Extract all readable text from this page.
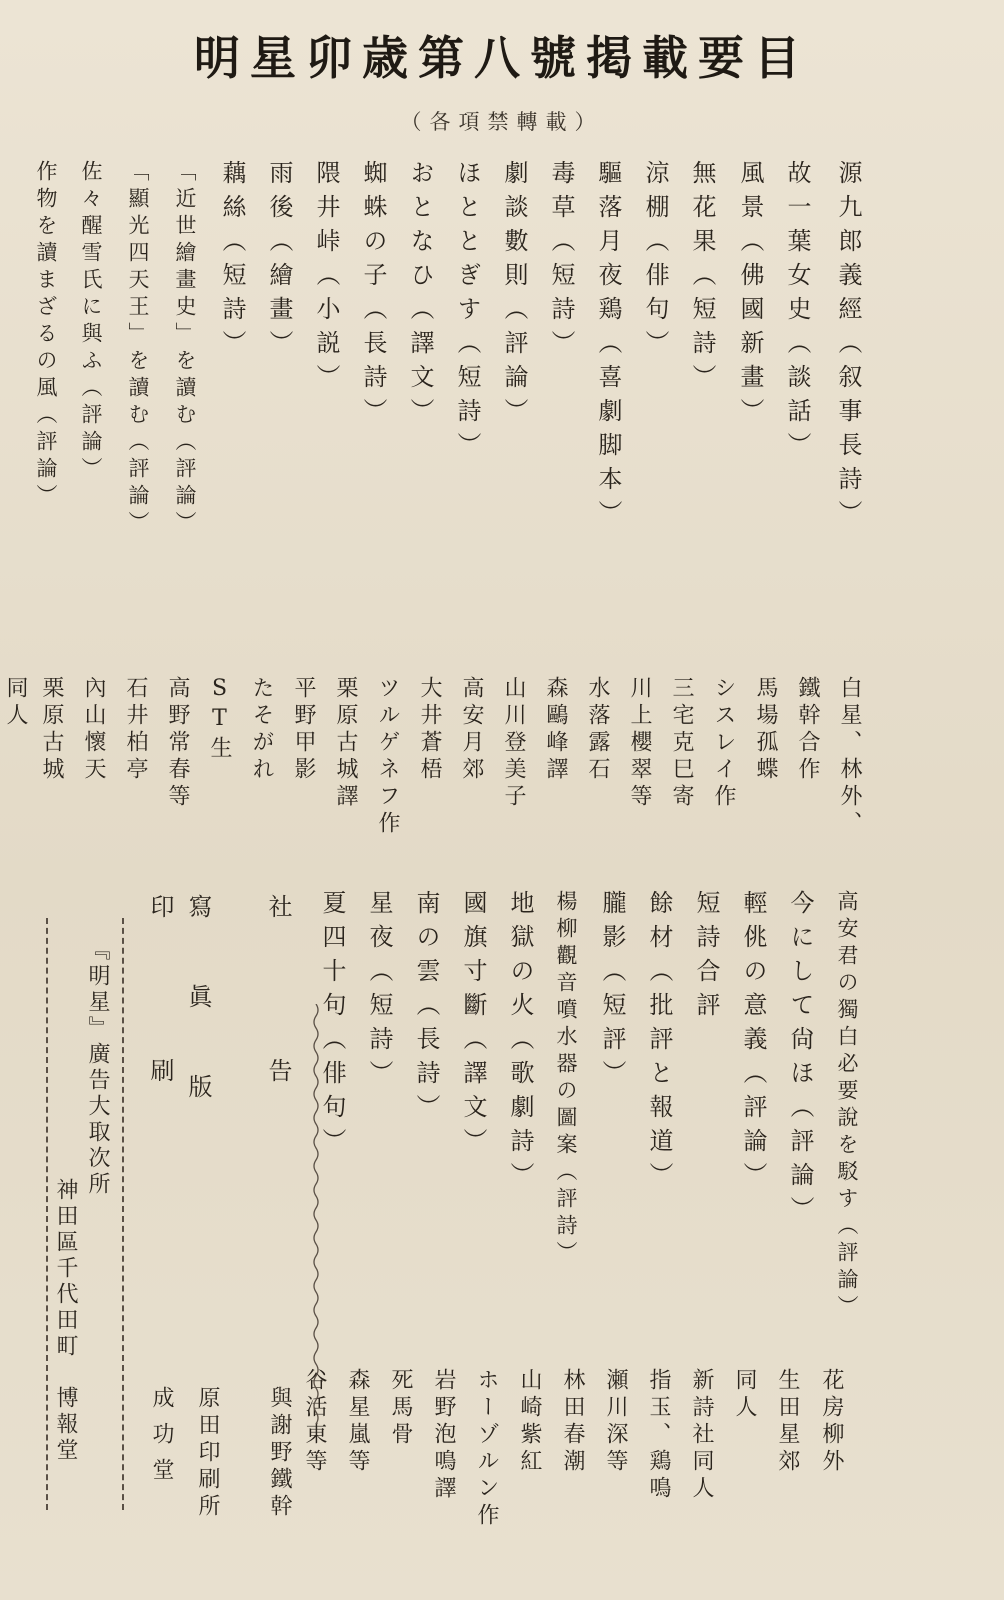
明星卯歳第八號掲載要目
（各項禁轉載）
源九郎義經（叙事長詩）
故一葉女史（談話）
風景（佛國新畫）
無花果（短詩）
涼棚（俳句）
驅落月夜鶏（喜劇脚本）
毒草（短詩）
劇談數則（評論）
ほととぎす（短詩）
おとなひ（譯文）
蜘蛛の子（長詩）
隈井峠（小説）
雨後（繪畫）
藕絲（短詩）
「近世繪畫史」を讀む（評論）
「顯光四天王」を讀む（評論）
佐々醒雪氏に與ふ（評論）
作物を讀まざるの風（評論）
白星、林外、
鐵幹合作
馬場孤蝶
シスレイ作
三宅克巳寄
川上櫻翠等
水落露石
森鷗峰譯
山川登美子
高安月郊
大井蒼梧
ツルゲネフ作
栗原古城譯
平野甲影
たそがれ
ST生
高野常春等
石井柏亭
內山懷天
栗原古城
同人
高安君の獨白必要說を駁す（評論）
今にして尙ほ（評論）
輕佻の意義（評論）
短詩合評
餘材（批評と報道）
朧影（短評）
楊柳觀音噴水器の圖案（評詩）
地獄の火（歌劇詩）
國旗寸斷（譯文）
南の雲（長詩）
星夜（短詩）
夏四十句（俳句）
花房柳外
生田星郊
同人
新詩社同人
指玉、鶏鳴
瀬川深等
林田春潮
山崎紫紅
ホーゾルン作
岩野泡鳴譯
死馬骨
森星嵐等
谷活東等
社告
與謝野鐵幹
寫眞版
原田印刷所
印刷
成功堂
『明星』廣告大取次所
神田區千代田町　博報堂
